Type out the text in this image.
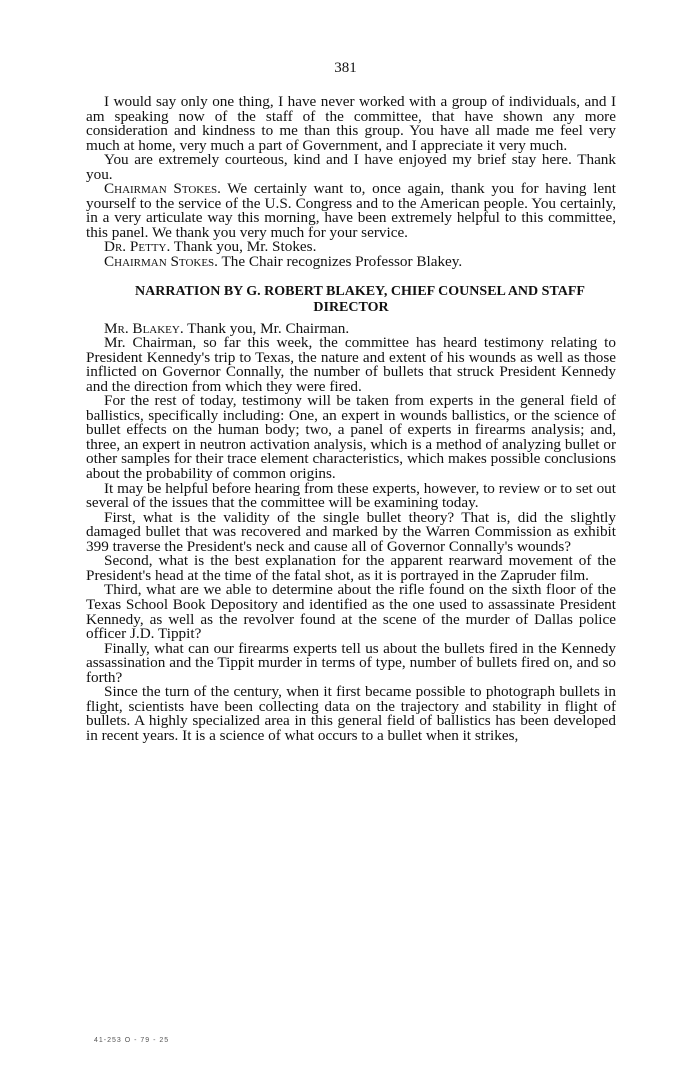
381

I would say only one thing, I have never worked with a group of individuals, and I am speaking now of the staff of the committee, that have shown any more consideration and kindness to me than this group. You have all made me feel very much at home, very much a part of Government, and I appreciate it very much.

You are extremely courteous, kind and I have enjoyed my brief stay here. Thank you.

Chairman Stokes. We certainly want to, once again, thank you for having lent yourself to the service of the U.S. Congress and to the American people. You certainly, in a very articulate way this morning, have been extremely helpful to this committee, this panel. We thank you very much for your service.

Dr. Petty. Thank you, Mr. Stokes.

Chairman Stokes. The Chair recognizes Professor Blakey.

NARRATION BY G. ROBERT BLAKEY, CHIEF COUNSEL AND STAFF DIRECTOR

Mr. Blakey. Thank you, Mr. Chairman.

Mr. Chairman, so far this week, the committee has heard testimony relating to President Kennedy's trip to Texas, the nature and extent of his wounds as well as those inflicted on Governor Connally, the number of bullets that struck President Kennedy and the direction from which they were fired.

For the rest of today, testimony will be taken from experts in the general field of ballistics, specifically including: One, an expert in wounds ballistics, or the science of bullet effects on the human body; two, a panel of experts in firearms analysis; and, three, an expert in neutron activation analysis, which is a method of analyzing bullet or other samples for their trace element characteristics, which makes possible conclusions about the probability of common origins.

It may be helpful before hearing from these experts, however, to review or to set out several of the issues that the committee will be examining today.

First, what is the validity of the single bullet theory? That is, did the slightly damaged bullet that was recovered and marked by the Warren Commission as exhibit 399 traverse the President's neck and cause all of Governor Connally's wounds?

Second, what is the best explanation for the apparent rearward movement of the President's head at the time of the fatal shot, as it is portrayed in the Zapruder film.

Third, what are we able to determine about the rifle found on the sixth floor of the Texas School Book Depository and identified as the one used to assassinate President Kennedy, as well as the revolver found at the scene of the murder of Dallas police officer J.D. Tippit?

Finally, what can our firearms experts tell us about the bullets fired in the Kennedy assassination and the Tippit murder in terms of type, number of bullets fired on, and so forth?

Since the turn of the century, when it first became possible to photograph bullets in flight, scientists have been collecting data on the trajectory and stability in flight of bullets. A highly specialized area in this general field of ballistics has been developed in recent years. It is a science of what occurs to a bullet when it strikes,

41-253 O - 79 - 25
